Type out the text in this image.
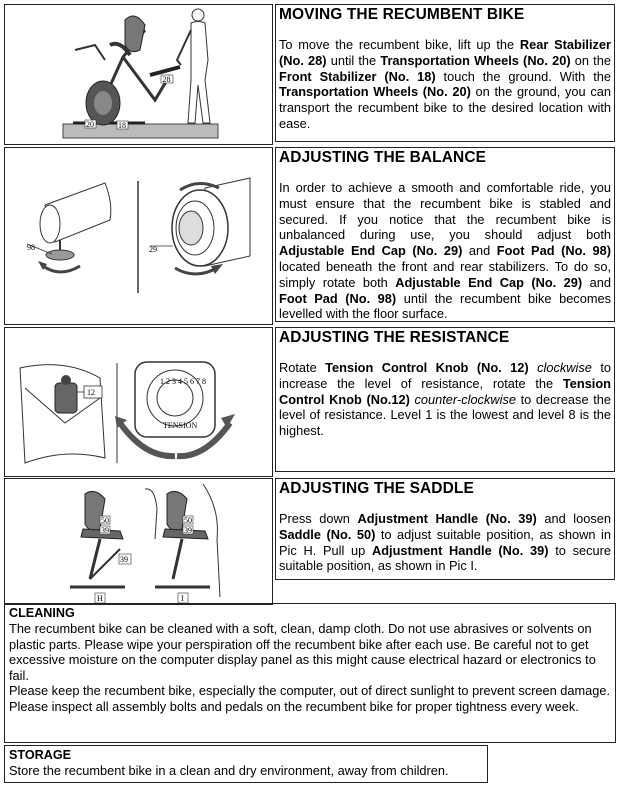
28
20	18
MOVING THE RECUMBENT BIKE
To move the recumbent bike, lift up the Rear Stabilizer (No. 28) until the Transportation Wheels (No. 20) on the Front Stabilizer (No. 18) touch the ground. With the Transportation Wheels (No. 20) on the ground, you can transport the recumbent bike to the desired location with ease.
98	29
ADJUSTING THE BALANCE
In order to achieve a smooth and comfortable ride, you must ensure that the recumbent bike is stabled and secured. If you notice that the recumbent bike is unbalanced during use, you should adjust both Adjustable End Cap (No. 29) and Foot Pad (No. 98) located beneath the front and rear stabilizers. To do so, simply rotate both Adjustable End Cap (No. 29) and Foot Pad (No. 98) until the recumbent bike becomes levelled with the floor surface.
12
1 2 3 4 5 6 7 8
TENSION
ADJUSTING THE RESISTANCE
Rotate Tension Control Knob (No. 12) clockwise to increase the level of resistance, rotate the Tension Control Knob (No.12) counter-clockwise to decrease the level of resistance. Level 1 is the lowest and level 8 is the highest.
50
39
39
H
50
39
I
ADJUSTING THE SADDLE
Press down Adjustment Handle (No. 39) and loosen Saddle (No. 50) to adjust suitable position, as shown in Pic H. Pull up Adjustment Handle (No. 39) to secure suitable position, as shown in Pic I.
CLEANING
The recumbent bike can be cleaned with a soft, clean, damp cloth. Do not use abrasives or solvents on plastic parts. Please wipe your perspiration off the recumbent bike after each use. Be careful not to get excessive moisture on the computer display panel as this might cause electrical hazard or electronics to fail.
Please keep the recumbent bike, especially the computer, out of direct sunlight to prevent screen damage.
Please inspect all assembly bolts and pedals on the recumbent bike for proper tightness every week.
STORAGE
Store the recumbent bike in a clean and dry environment, away from children.
